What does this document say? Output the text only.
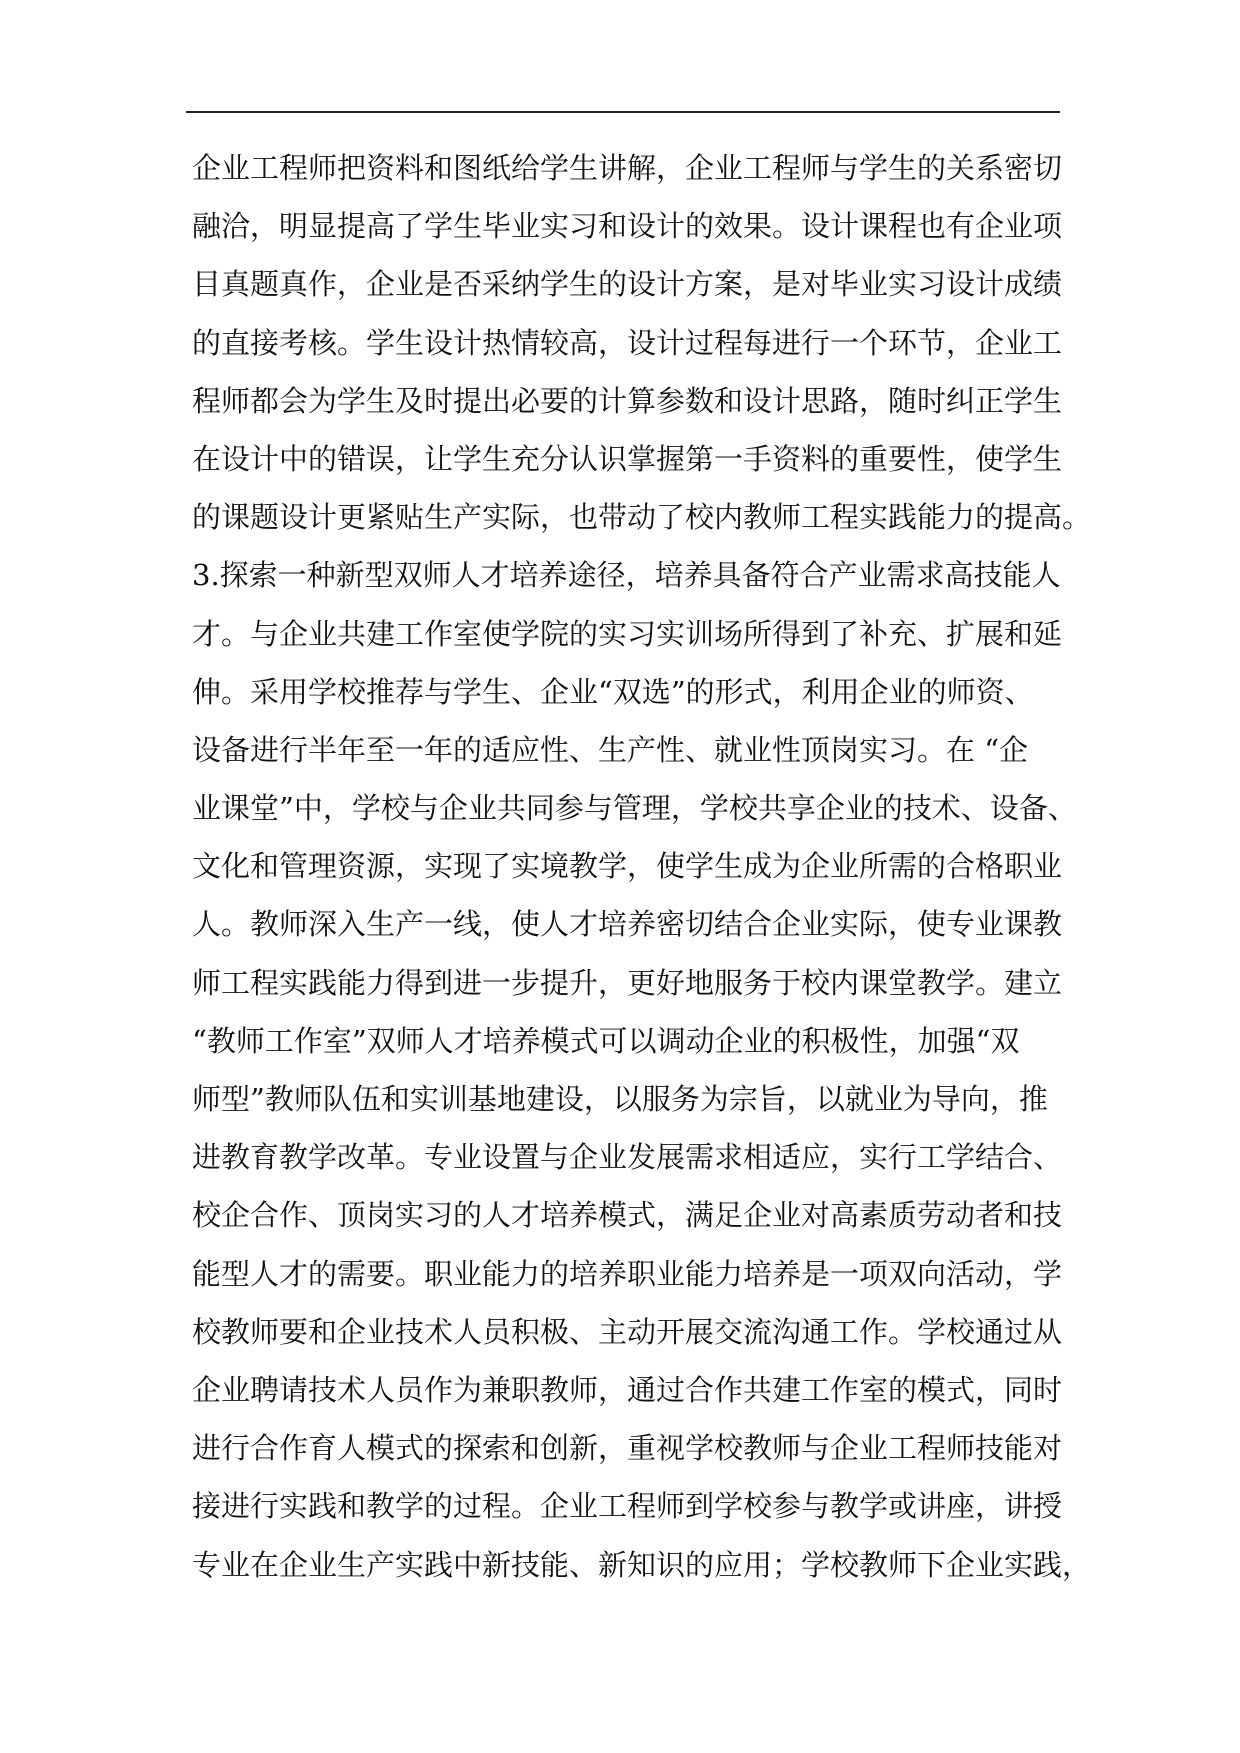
企业工程师把资料和图纸给学生讲解，企业工程师与学生的关系密切
融洽，明显提高了学生毕业实习和设计的效果。设计课程也有企业项
目真题真作，企业是否采纳学生的设计方案，是对毕业实习设计成绩
的直接考核。学生设计热情较高，设计过程每进行一个环节，企业工
程师都会为学生及时提出必要的计算参数和设计思路，随时纠正学生
在设计中的错误，让学生充分认识掌握第一手资料的重要性，使学生
的课题设计更紧贴生产实际，也带动了校内教师工程实践能力的提高。
3.探索一种新型双师人才培养途径，培养具备符合产业需求高技能人
才。与企业共建工作室使学院的实习实训场所得到了补充、扩展和延
伸。采用学校推荐与学生、企业“双选”的形式，利用企业的师资、
设备进行半年至一年的适应性、生产性、就业性顶岗实习。在 “企
业课堂”中，学校与企业共同参与管理，学校共享企业的技术、设备、
文化和管理资源，实现了实境教学，使学生成为企业所需的合格职业
人。教师深入生产一线，使人才培养密切结合企业实际，使专业课教
师工程实践能力得到进一步提升，更好地服务于校内课堂教学。建立
“教师工作室”双师人才培养模式可以调动企业的积极性，加强“双
师型”教师队伍和实训基地建设，以服务为宗旨，以就业为导向，推
进教育教学改革。专业设置与企业发展需求相适应，实行工学结合、
校企合作、顶岗实习的人才培养模式，满足企业对高素质劳动者和技
能型人才的需要。职业能力的培养职业能力培养是一项双向活动，学
校教师要和企业技术人员积极、主动开展交流沟通工作。学校通过从
企业聘请技术人员作为兼职教师，通过合作共建工作室的模式，同时
进行合作育人模式的探索和创新，重视学校教师与企业工程师技能对
接进行实践和教学的过程。企业工程师到学校参与教学或讲座，讲授
专业在企业生产实践中新技能、新知识的应用；学校教师下企业实践，
